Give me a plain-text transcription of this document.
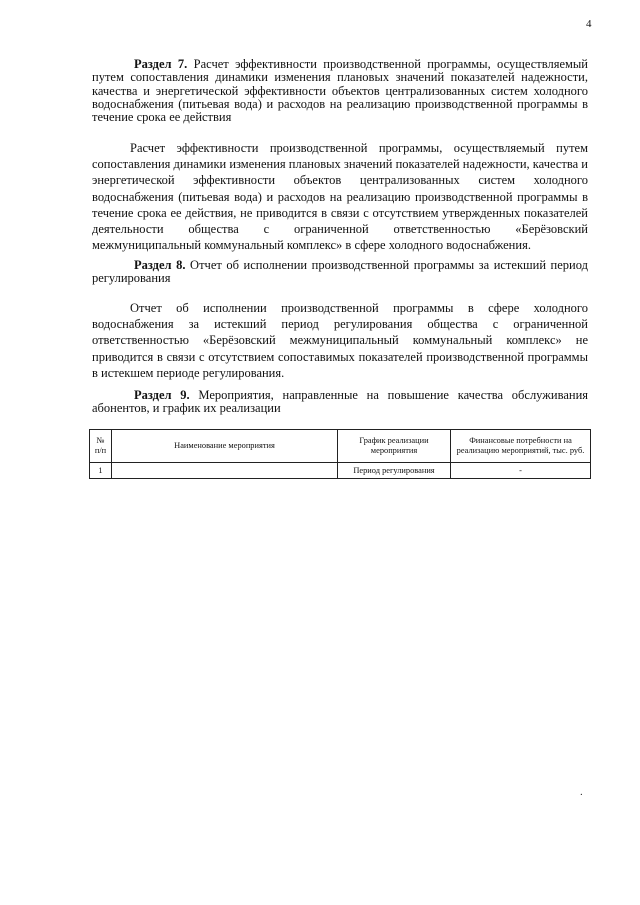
4
Раздел 7. Расчет эффективности производственной программы, осуществляемый путем сопоставления динамики изменения плановых значений показателей надежности, качества и энергетической эффективности объектов централизованных систем холодного водоснабжения (питьевая вода) и расходов на реализацию производственной программы в течение срока ее действия
Расчет эффективности производственной программы, осуществляемый путем сопоставления динамики изменения плановых значений показателей надежности, качества и энергетической эффективности объектов централизованных систем холодного водоснабжения (питьевая вода) и расходов на реализацию производственной программы в течение срока ее действия, не приводится в связи с отсутствием утвержденных показателей деятельности общества с ограниченной ответственностью «Берёзовский межмуниципальный коммунальный комплекс» в сфере холодного водоснабжения.
Раздел 8. Отчет об исполнении производственной программы за истекший период регулирования
Отчет об исполнении производственной программы в сфере холодного водоснабжения за истекший период регулирования общества с ограниченной ответственностью «Берёзовский межмуниципальный коммунальный комплекс» не приводится в связи с отсутствием сопоставимых показателей производственной программы в истекшем периоде регулирования.
Раздел 9. Мероприятия, направленные на повышение качества обслуживания абонентов, и график их реализации
№ п/п	Наименование мероприятия	График реализации мероприятия	Финансовые потребности на реализацию мероприятий, тыс. руб.
1		Период регулирования	-
.
